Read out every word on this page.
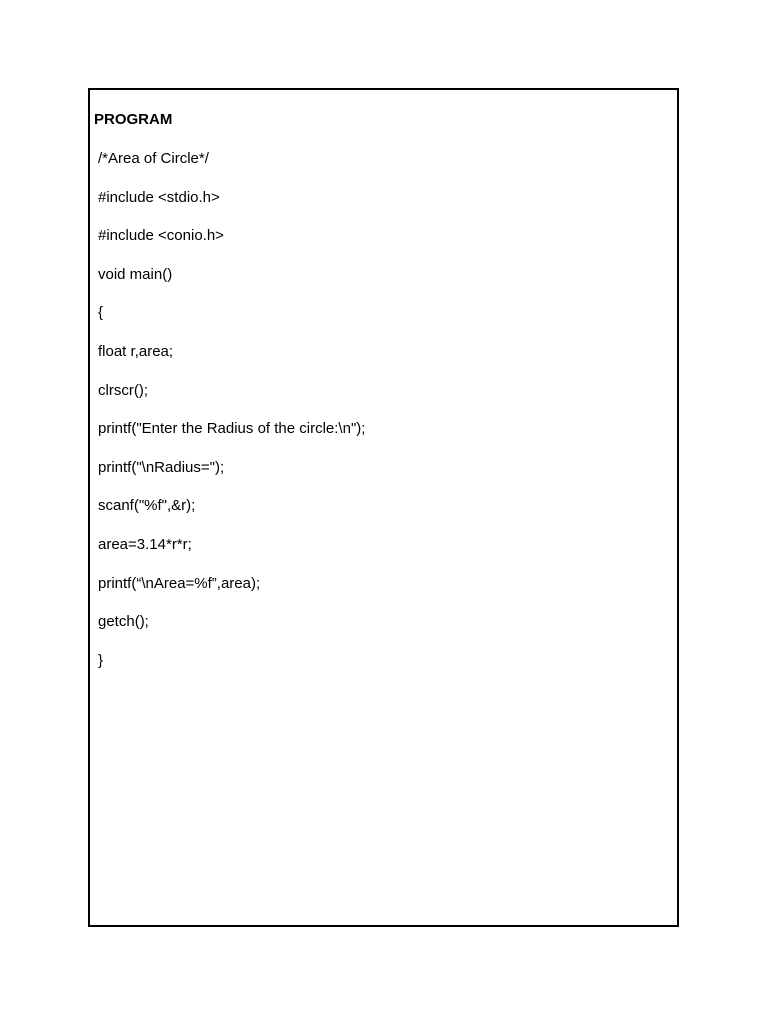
PROGRAM
/*Area of Circle*/
#include <stdio.h>
#include <conio.h>
void main()
{
float r,area;
clrscr();
printf("Enter the Radius of the circle:\n");
printf("\nRadius=");
scanf("%f",&r);
area=3.14*r*r;
printf(“\nArea=%f”,area);
getch();
}
